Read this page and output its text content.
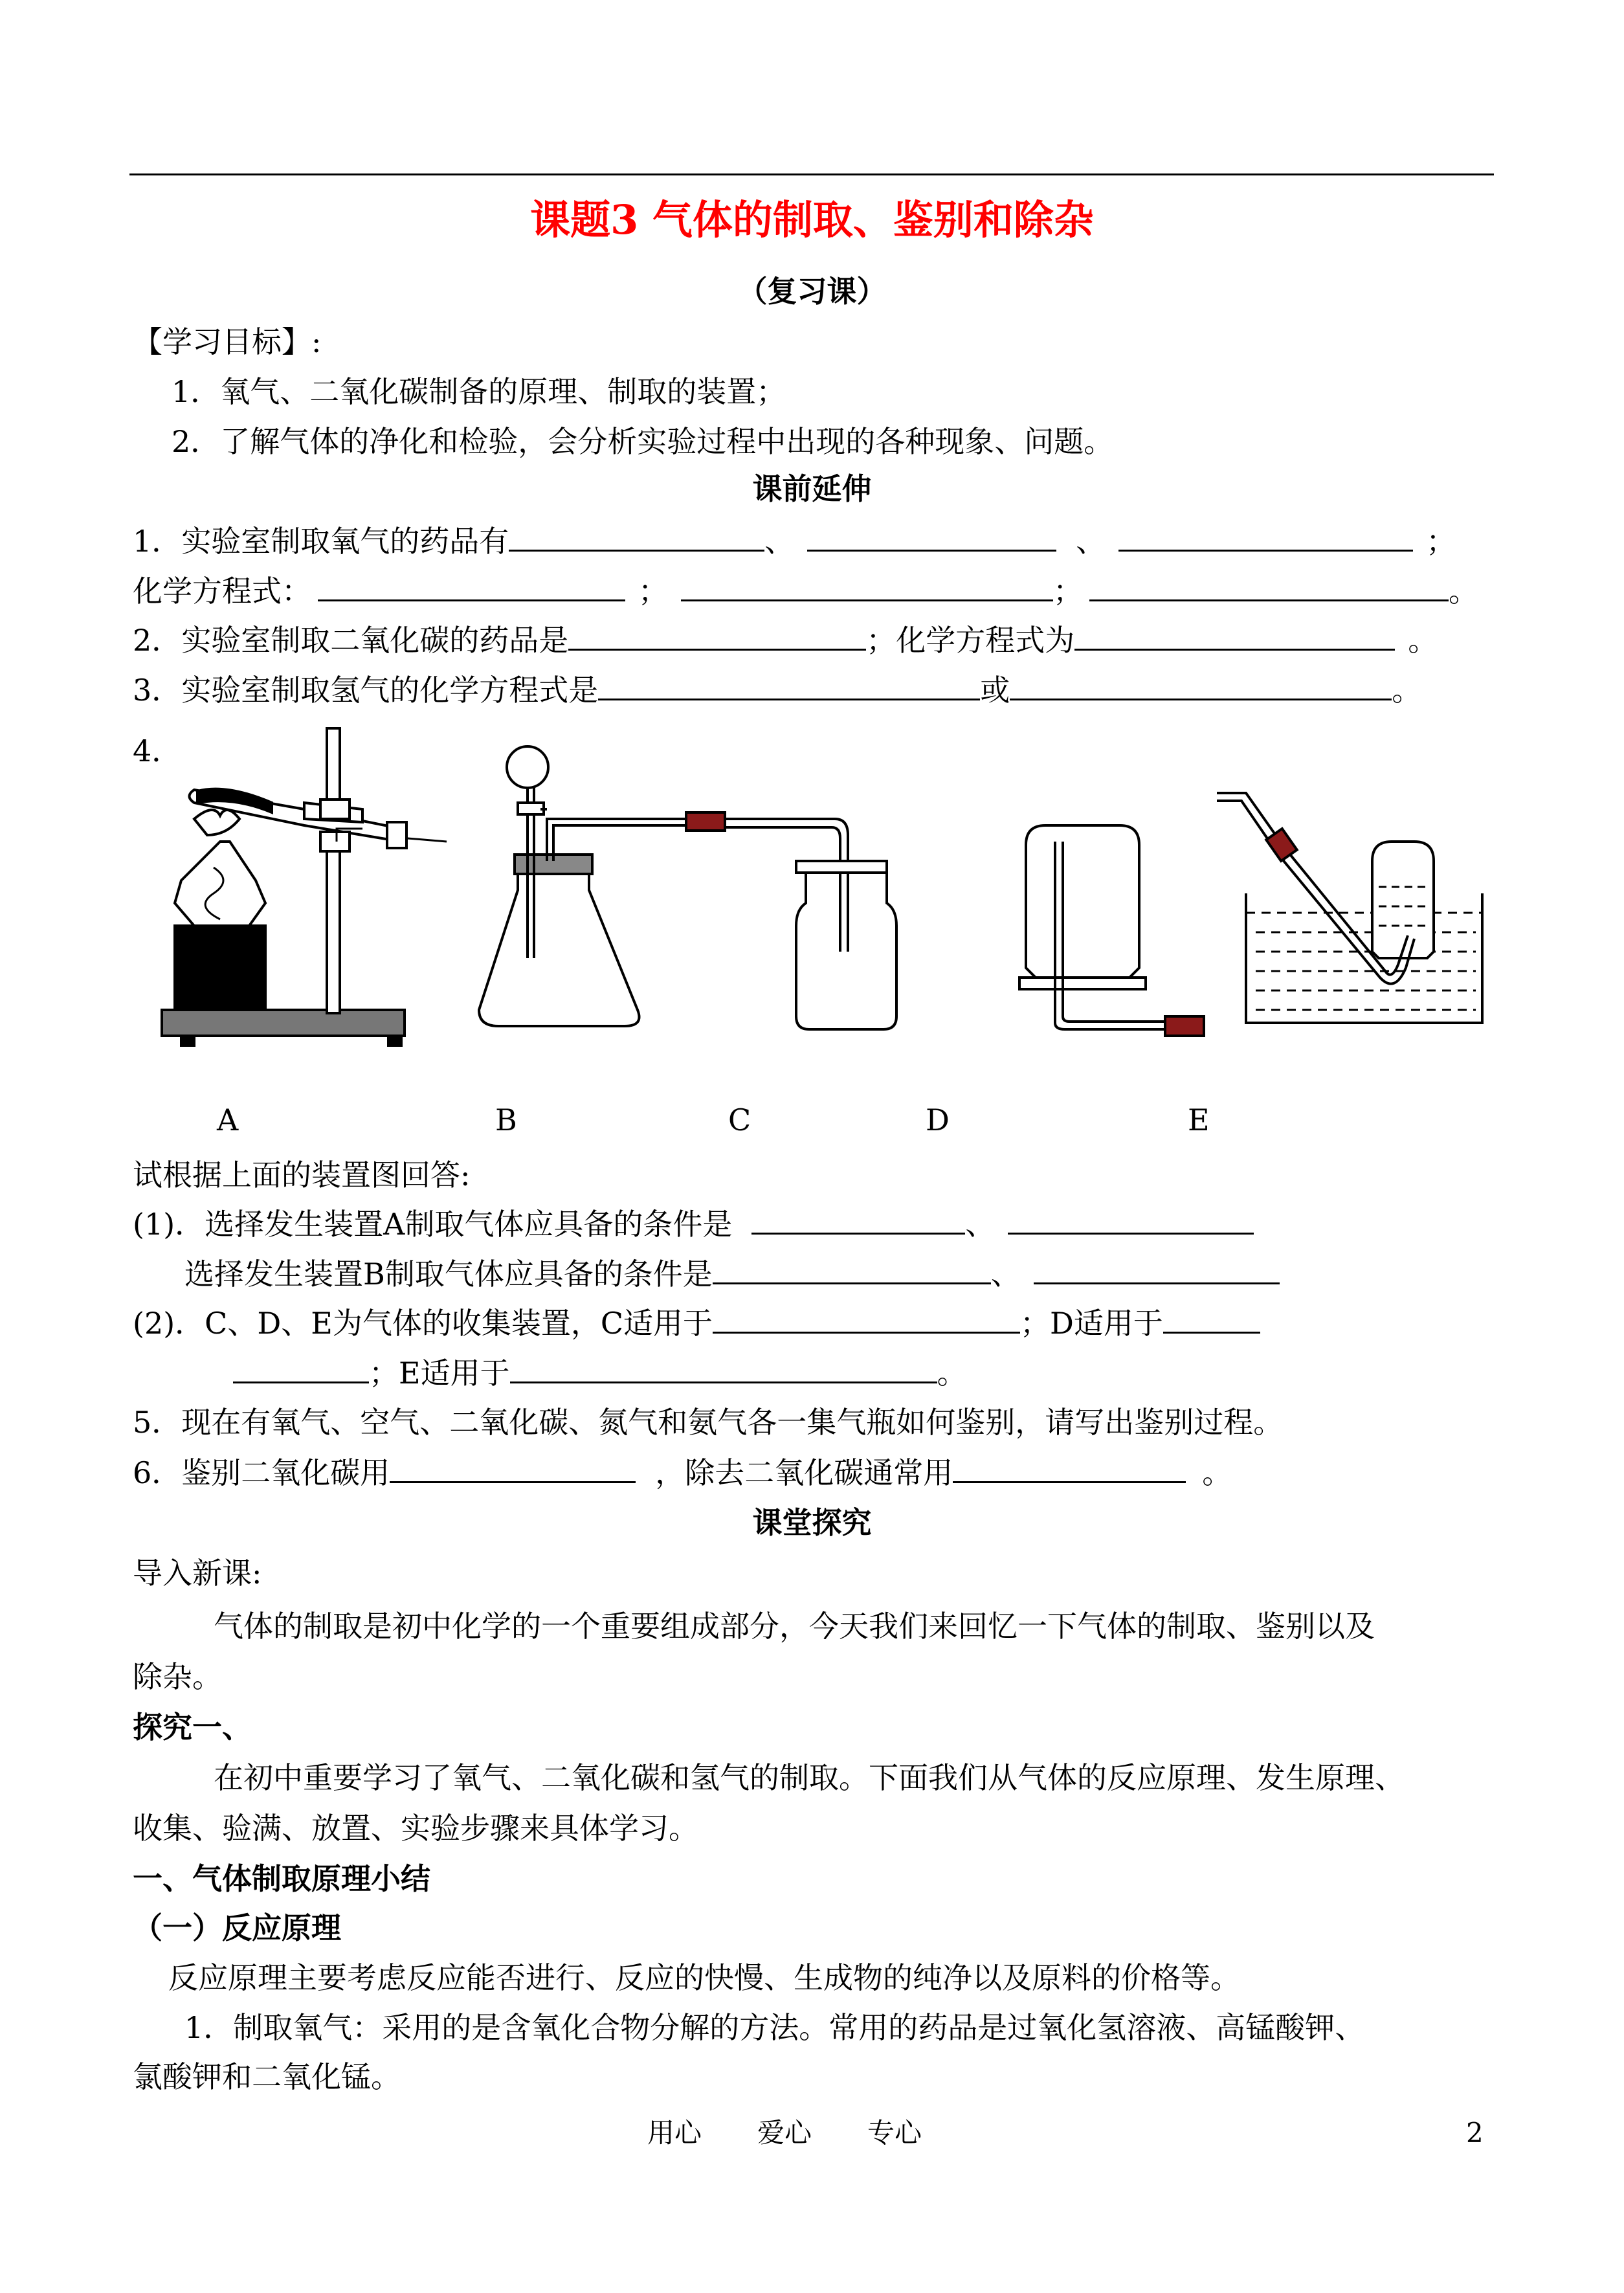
课题3 气体的制取、鉴别和除杂
（复习课）
【学习目标】:
1．氧气、二氧化碳制备的原理、制取的装置；
2．了解气体的净化和检验，会分析实验过程中出现的各种现象、问题。
课前延伸
1．实验室制取氧气的药品有	、	、	；
化学方程式：	；	；	。
2．实验室制取二氧化碳的药品是	；化学方程式为	。
3．实验室制取氢气的化学方程式是	或	。
4．
A	B	C	D	E
试根据上面的装置图回答:
(1)．选择发生装置A制取气体应具备的条件是	、
选择发生装置B制取气体应具备的条件是	、
(2)．C、D、E为气体的收集装置，C适用于	；D适用于
；E适用于	。
5．现在有氧气、空气、二氧化碳、氮气和氨气各一集气瓶如何鉴别，请写出鉴别过程。
6．鉴别二氧化碳用	，除去二氧化碳通常用	。
课堂探究
导入新课:
气体的制取是初中化学的一个重要组成部分，今天我们来回忆一下气体的制取、鉴别以及
除杂。
探究一、
在初中重要学习了氧气、二氧化碳和氢气的制取。下面我们从气体的反应原理、发生原理、
收集、验满、放置、实验步骤来具体学习。
一、气体制取原理小结
（一）反应原理
反应原理主要考虑反应能否进行、反应的快慢、生成物的纯净以及原料的价格等。
1．制取氧气：采用的是含氧化合物分解的方法。常用的药品是过氧化氢溶液、高锰酸钾、
氯酸钾和二氧化锰。
用心 爱心 专心	2
